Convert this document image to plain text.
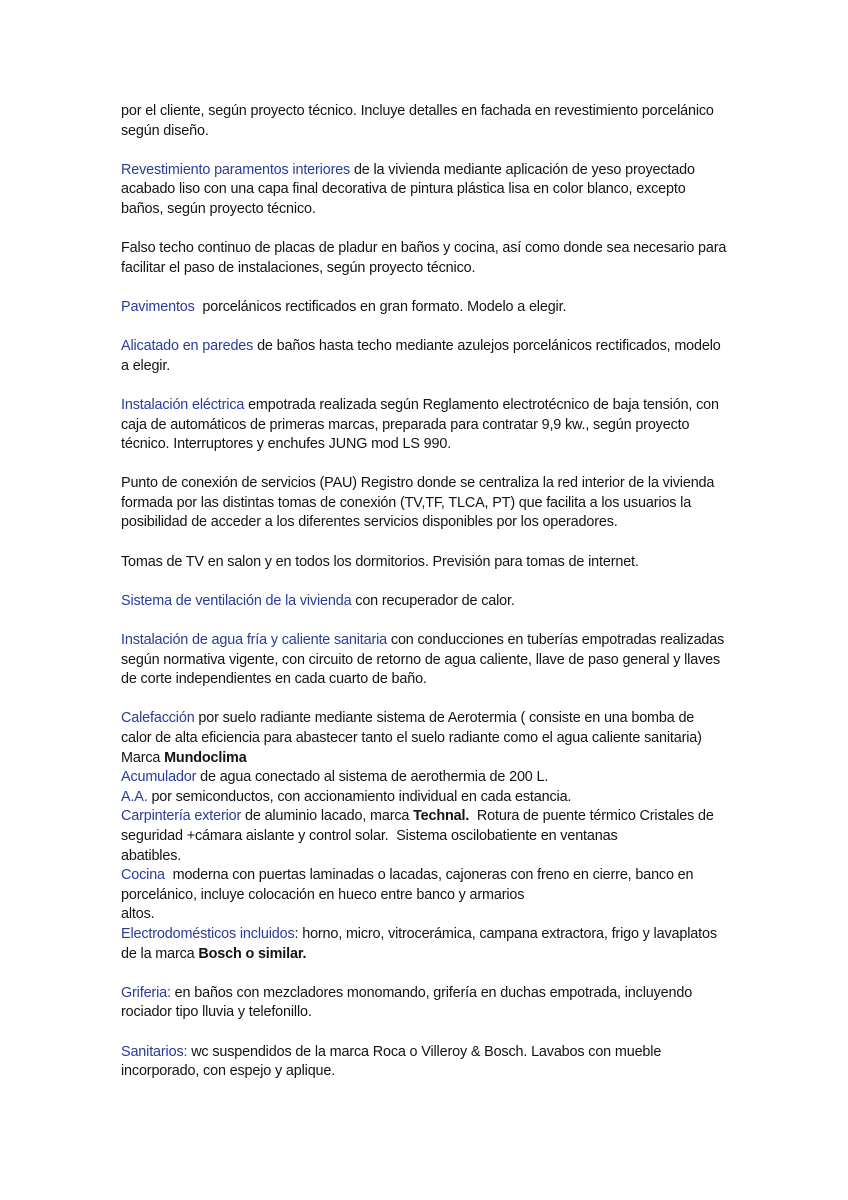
por el cliente, según proyecto técnico. Incluye detalles en fachada en revestimiento porcelánico
según diseño.

Revestimiento paramentos interiores de la vivienda mediante aplicación de yeso proyectado
acabado liso con una capa final decorativa de pintura plástica lisa en color blanco, excepto
baños, según proyecto técnico.

Falso techo continuo de placas de pladur en baños y cocina, así como donde sea necesario para
facilitar el paso de instalaciones, según proyecto técnico.

Pavimentos  porcelánicos rectificados en gran formato. Modelo a elegir.

Alicatado en paredes de baños hasta techo mediante azulejos porcelánicos rectificados, modelo
a elegir.

Instalación eléctrica empotrada realizada según Reglamento electrotécnico de baja tensión, con
caja de automáticos de primeras marcas, preparada para contratar 9,9 kw., según proyecto
técnico. Interruptores y enchufes JUNG mod LS 990.

Punto de conexión de servicios (PAU) Registro donde se centraliza la red interior de la vivienda
formada por las distintas tomas de conexión (TV,TF, TLCA, PT) que facilita a los usuarios la
posibilidad de acceder a los diferentes servicios disponibles por los operadores.

Tomas de TV en salon y en todos los dormitorios. Previsión para tomas de internet.

Sistema de ventilación de la vivienda con recuperador de calor.

Instalación de agua fría y caliente sanitaria con conducciones en tuberías empotradas realizadas
según normativa vigente, con circuito de retorno de agua caliente, llave de paso general y llaves
de corte independientes en cada cuarto de baño.

Calefacción por suelo radiante mediante sistema de Aerotermia ( consiste en una bomba de
calor de alta eficiencia para abastecer tanto el suelo radiante como el agua caliente sanitaria)
Marca Mundoclima
Acumulador de agua conectado al sistema de aerothermia de 200 L.
A.A. por semiconductos, con accionamiento individual en cada estancia.
Carpintería exterior de aluminio lacado, marca Technal.  Rotura de puente térmico Cristales de
seguridad +cámara aislante y control solar.  Sistema oscilobatiente en ventanas
abatibles.
Cocina  moderna con puertas laminadas o lacadas, cajoneras con freno en cierre, banco en
porcelánico, incluye colocación en hueco entre banco y armarios
altos.
Electrodomésticos incluidos: horno, micro, vitrocerámica, campana extractora, frigo y lavaplatos
de la marca Bosch o similar.

Griferia: en baños con mezcladores monomando, grifería en duchas empotrada, incluyendo
rociador tipo lluvia y telefonillo.

Sanitarios: wc suspendidos de la marca Roca o Villeroy & Bosch. Lavabos con mueble
incorporado, con espejo y aplique.
